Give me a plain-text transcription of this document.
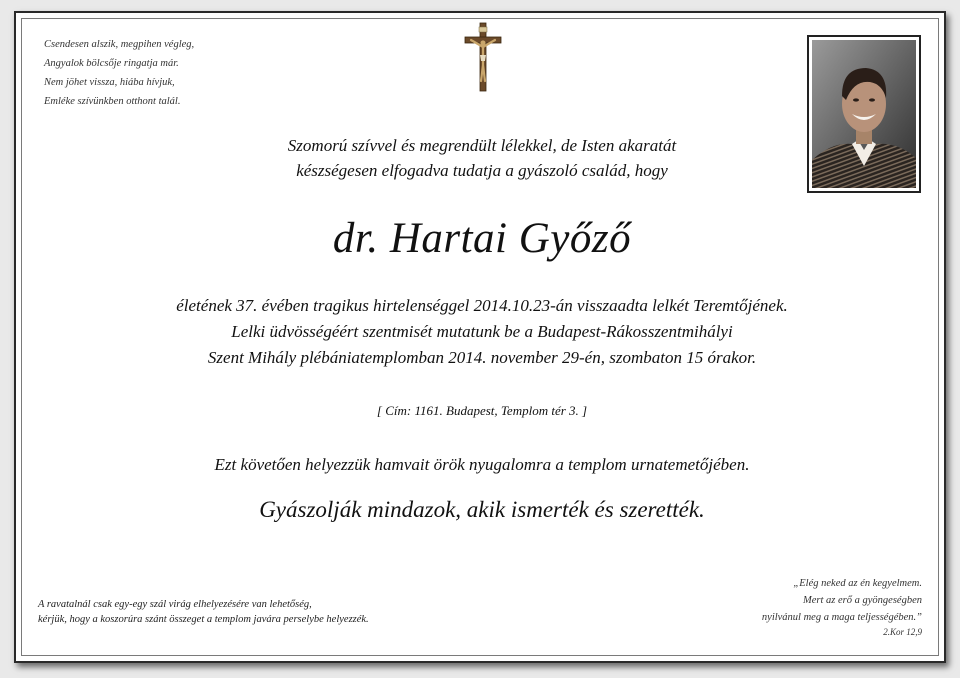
Csendesen alszik, megpihen végleg,
Angyalok bölcsője ringatja már.
Nem jöhet vissza, hiába hívjuk,
Emléke szívünkben otthont talál.
Szomorú szívvel és megrendült lélekkel, de Isten akaratát
készségesen elfogadva tudatja a gyászoló család, hogy
dr. Hartai Győző
életének 37. évében tragikus hirtelenséggel 2014.10.23-án visszaadta lelkét Teremtőjének.
Lelki üdvösségéért szentmisét mutatunk be a Budapest-Rákosszentmihályi
Szent Mihály plébániatemplomban 2014. november 29-én, szombaton 15 órakor.
[ Cím: 1161. Budapest, Templom tér 3. ]
Ezt követően helyezzük hamvait örök nyugalomra a templom urnatemetőjében.
Gyászolják mindazok, akik ismerték és szerették.
A ravatalnál csak egy-egy szál virág elhelyezésére van lehetőség,
kérjük, hogy a koszorúra szánt összeget a templom javára perselybe helyezzék.
„Elég neked az én kegyelmem.
Mert az erő a gyöngeségben
nyilvánul meg a maga teljességében.”
2.Kor 12,9
